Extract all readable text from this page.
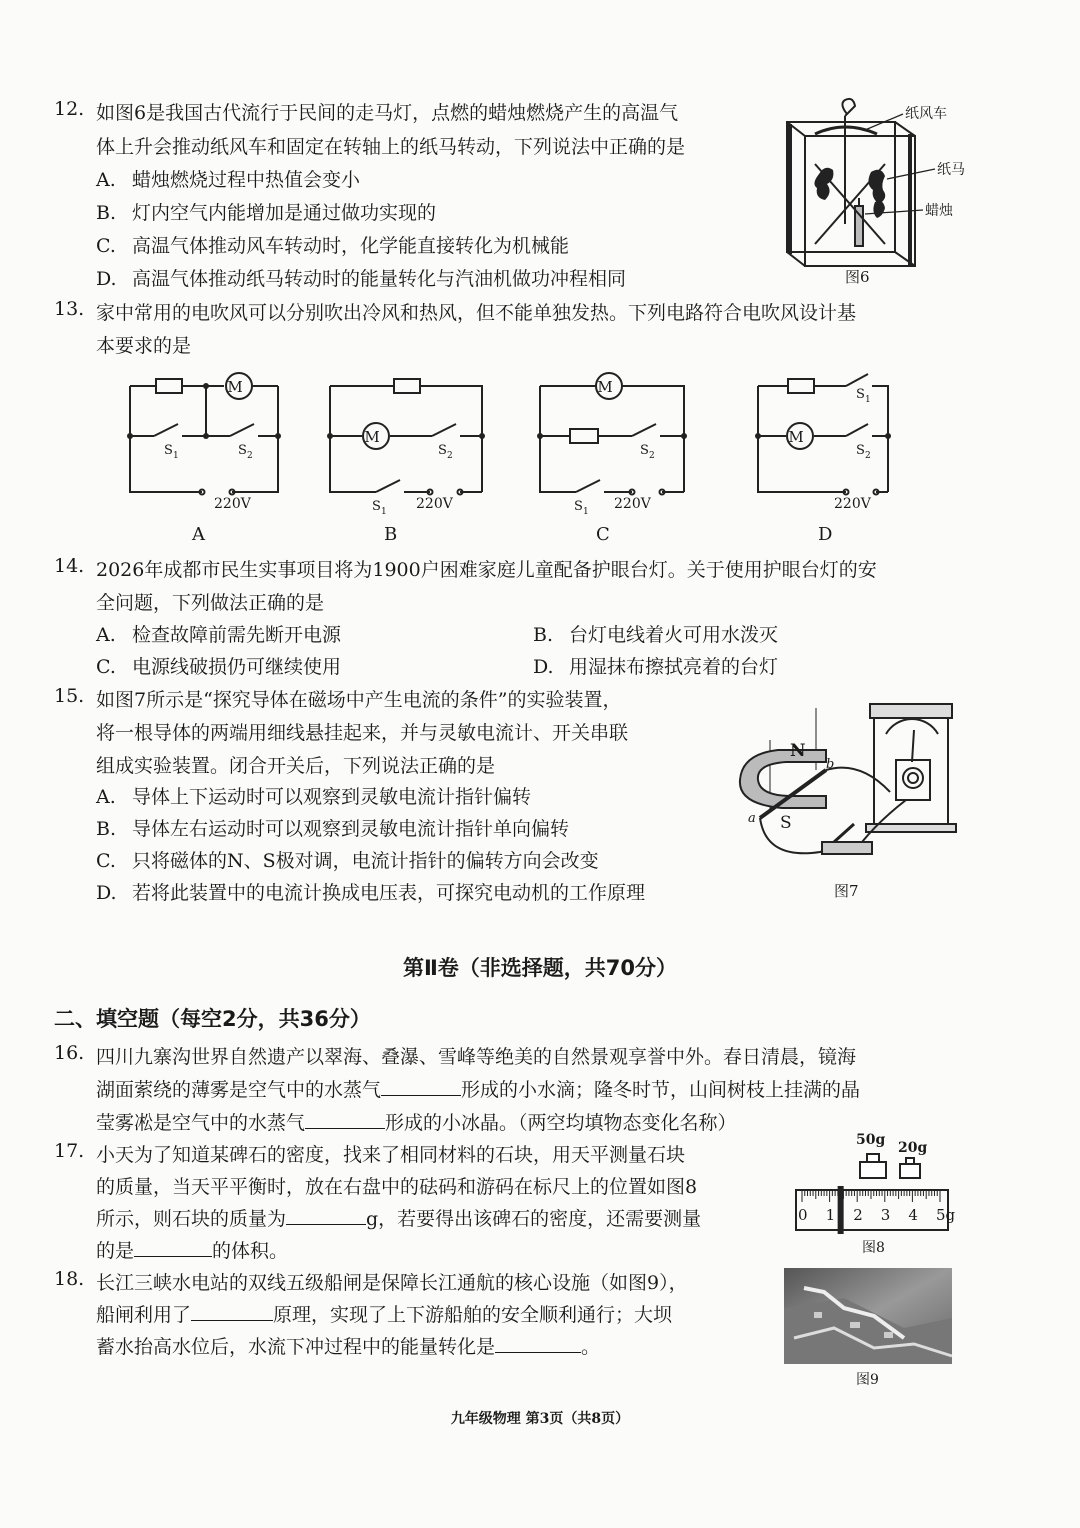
12. 如图6是我国古代流行于民间的走马灯，点燃的蜡烛燃烧产生的高温气
体上升会推动纸风车和固定在转轴上的纸马转动，下列说法中正确的是
A. 蜡烛燃烧过程中热值会变小
B. 灯内空气内能增加是通过做功实现的
C. 高温气体推动风车转动时，化学能直接转化为机械能
D. 高温气体推动纸马转动时的能量转化与汽油机做功冲程相同
纸风车
纸马
蜡烛
图6
13. 家中常用的电吹风可以分别吹出冷风和热风，但不能单独发热。下列电路符合电吹风设计基
本要求的是
M
S 1	S 2
220V
A
M
S 2
S 1 220V
B
M
S 2
S 1 220V
C
M
S 1
S 2
220V
D
14. 2026年成都市民生实事项目将为1900户困难家庭儿童配备护眼台灯。关于使用护眼台灯的安
全问题，下列做法正确的是
A. 检查故障前需先断开电源	B. 台灯电线着火可用水泼灭
C. 电源线破损仍可继续使用	D. 用湿抹布擦拭亮着的台灯
15. 如图7所示是“探究导体在磁场中产生电流的条件”的实验装置，
将一根导体的两端用细线悬挂起来，并与灵敏电流计、开关串联
组成实验装置。闭合开关后，下列说法正确的是
A. 导体上下运动时可以观察到灵敏电流计指针偏转
B. 导体左右运动时可以观察到灵敏电流计指针单向偏转
C. 只将磁体的N、S极对调，电流计指针的偏转方向会改变
D. 若将此装置中的电流计换成电压表，可探究电动机的工作原理
N
S
a
b
图7
第Ⅱ卷（非选择题，共70分）
二、填空题（每空2分，共36分）
16. 四川九寨沟世界自然遗产以翠海、叠瀑、雪峰等绝美的自然景观享誉中外。春日清晨，镜海
湖面萦绕的薄雾是空气中的水蒸气	形成的小水滴；隆冬时节，山间树枝上挂满的晶
莹雾凇是空气中的水蒸气	形成的小冰晶。（两空均填物态变化名称）
17. 小天为了知道某碑石的密度，找来了相同材料的石块，用天平测量石块
的质量，当天平平衡时，放在右盘中的砝码和游码在标尺上的位置如图8
所示，则石块的质量为	g，若要得出该碑石的密度，还需要测量
的是	的体积。
50g 20g
0 1 2 3 4 5g
图8
18. 长江三峡水电站的双线五级船闸是保障长江通航的核心设施（如图9），
船闸利用了	原理，实现了上下游船舶的安全顺利通行；大坝
蓄水抬高水位后，水流下冲过程中的能量转化是	。
图9
九年级物理 第3页（共8页）
